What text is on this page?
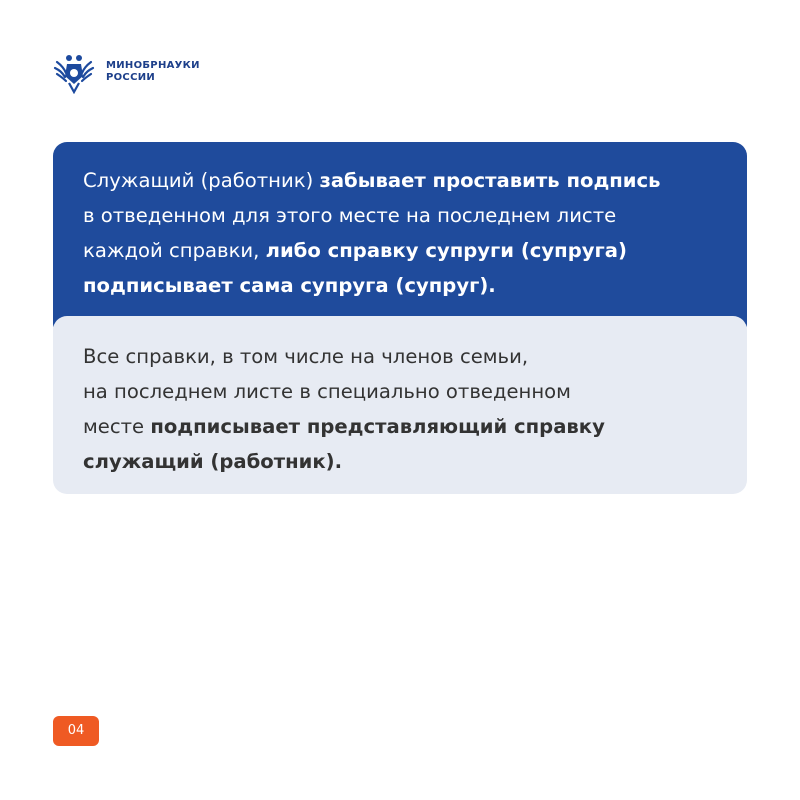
МИНОБРНАУКИ
РОССИИ
Служащий (работник) забывает проставить подпись
в отведенном для этого месте на последнем листе
каждой справки, либо справку супруги (супруга)
подписывает сама супруга (супруг).
Все справки, в том числе на членов семьи,
на последнем листе в специально отведенном
месте подписывает представляющий справку
служащий (работник).
04
